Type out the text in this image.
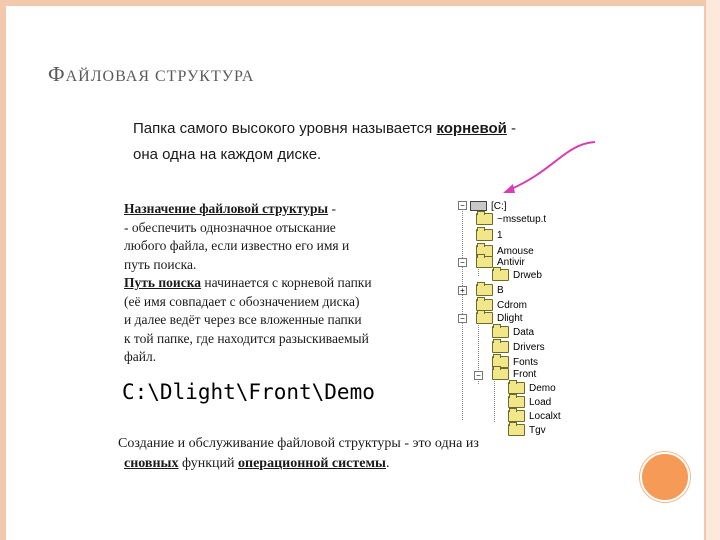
ФАЙЛОВАЯ СТРУКТУРА
Папка самого высокого уровня называется корневой -
она одна на каждом диске.

Назначение файловой структуры -

- обеспечить однозначное отыскание

любого файла, если известно его имя и

путь поиска.

Путь поиска начинается с корневой папки

(её имя совпадает с обозначением диска)

и далее ведёт через все вложенные папки

к той папке, где находится разыскиваемый

файл.

C:\Dlight\Front\Demo
Создание и обслуживание файловой структуры - это одна из
сновных функций операционной системы.
−	[C:]
~mssetup.t
1
Amouse
−	Antivir
Drweb
+	B
Cdrom
−	Dlight
Data
Drivers
Fonts
−	Front
Demo
Load
Localxt
Tgv
